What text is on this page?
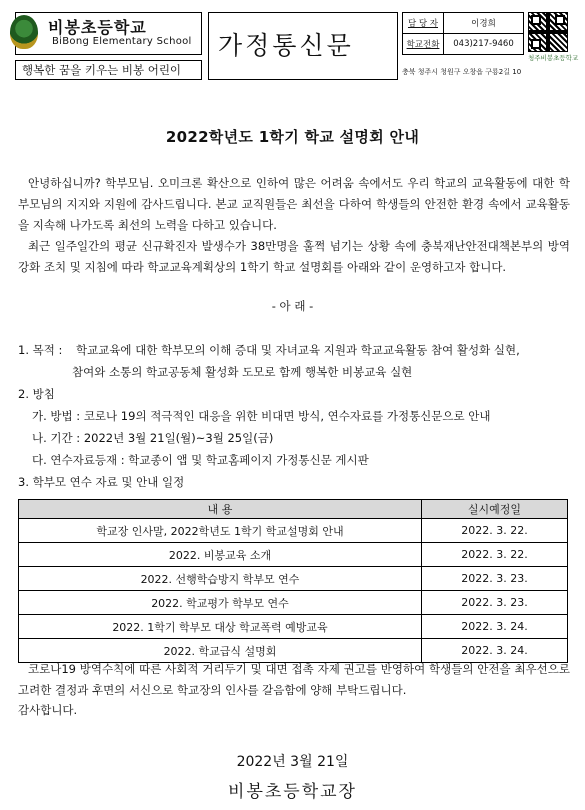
비봉초등학교
BiBong Elementary School
행복한 꿈을 키우는 비봉 어린이
가정통신문
담 당 자	이경희
학교전화	043)217-9460
청주비봉초등학교
충북 청주시 청원구 오창읍 구룡2길 10
2022학년도 1학기 학교 설명회 안내
안녕하십니까? 학부모님. 오미크론 확산으로 인하여 많은 어려움 속에서도 우리 학교의 교육활동에 대한 학부모님의 지지와 지원에 감사드립니다. 본교 교직원들은 최선을 다하여 학생들의 안전한 환경 속에서 교육활동을 지속해 나가도록 최선의 노력을 다하고 있습니다.
최근 일주일간의 평균 신규확진자 발생수가 38만명을 훌쩍 넘기는 상황 속에 충북재난안전대책본부의 방역강화 조치 및 지침에 따라 학교교육계획상의 1학기 학교 설명회를 아래와 같이 운영하고자 합니다.
- 아 래 -
1. 목적 : 학교교육에 대한 학부모의 이해 증대 및 자녀교육 지원과 학교교육활동 참여 활성화 실현,
참여와 소통의 학교공동체 활성화 도모로 함께 행복한 비봉교육 실현
2. 방침
가. 방법 : 코로나 19의 적극적인 대응을 위한 비대면 방식, 연수자료를 가정통신문으로 안내
나. 기간 : 2022년 3월 21일(월)~3월 25일(금)
다. 연수자료등재 : 학교종이 앱 및 학교홈페이지 가정통신문 게시판
3. 학부모 연수 자료 및 안내 일정
내 용	실시예정일
학교장 인사말, 2022학년도 1학기 학교설명회 안내	2022. 3. 22.
2022. 비봉교육 소개	2022. 3. 22.
2022. 선행학습방지 학부모 연수	2022. 3. 23.
2022. 학교평가 학부모 연수	2022. 3. 23.
2022. 1학기 학부모 대상 학교폭력 예방교육	2022. 3. 24.
2022. 학교급식 설명회	2022. 3. 24.
코로나19 방역수칙에 따른 사회적 거리두기 및 대면 접촉 자제 권고를 반영하여 학생들의 안전을 최우선으로 고려한 결정과 후면의 서신으로 학교장의 인사를 갈음함에 양해 부탁드립니다.
감사합니다.
2022년 3월 21일
비봉초등학교장
